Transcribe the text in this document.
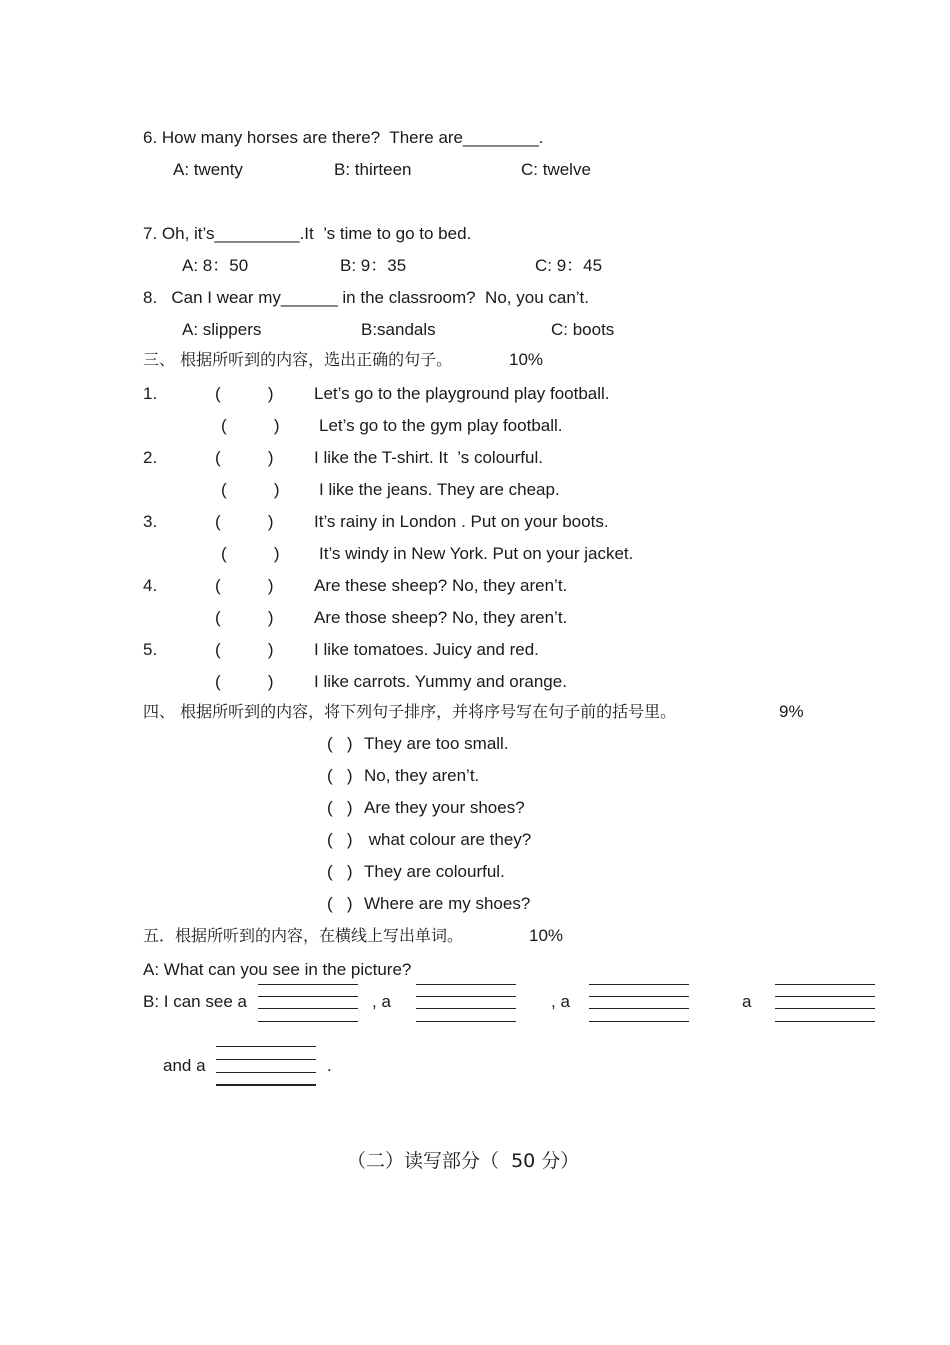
6. How many horses are there?  There are________.
A: twenty	B: thirteen	C: twelve
7. Oh, it’s_________.It  ’s time to go to bed.
A: 8：50	B: 9：35	C: 9：45
8.   Can I wear my______ in the classroom?  No, you can’t.
A: slippers	B:sandals	C: boots
三、 根据所听到的内容，选出正确的句子。	10%
1.	(          ) Let’s go to the playground play football.
(          ) Let’s go to the gym play football.
2.	(          ) I like the T-shirt. It  ’s colourful.
(          ) I like the jeans. They are cheap.
3.	(          ) It’s rainy in London . Put on your boots.
(          ) It’s windy in New York. Put on your jacket.
4.	(          ) Are these sheep? No, they aren’t.
(          ) Are those sheep? No, they aren’t.
5.	(          ) I like tomatoes. Juicy and red.
(          ) I like carrots. Yummy and orange.
四、 根据所听到的内容，将下列句子排序，并将序号写在句子前的括号里。	9%
(   ) They are too small.
(   ) No, they aren’t.
(   ) Are they your shoes?
(   ) what colour are they?
(   ) They are colourful.
(   ) Where are my shoes?
五．根据所听到的内容，在横线上写出单词。	10%
A: What can you see in the picture?
B: I can see a	, a	, a	a
and a	.
（二）读写部分（  50 分）
